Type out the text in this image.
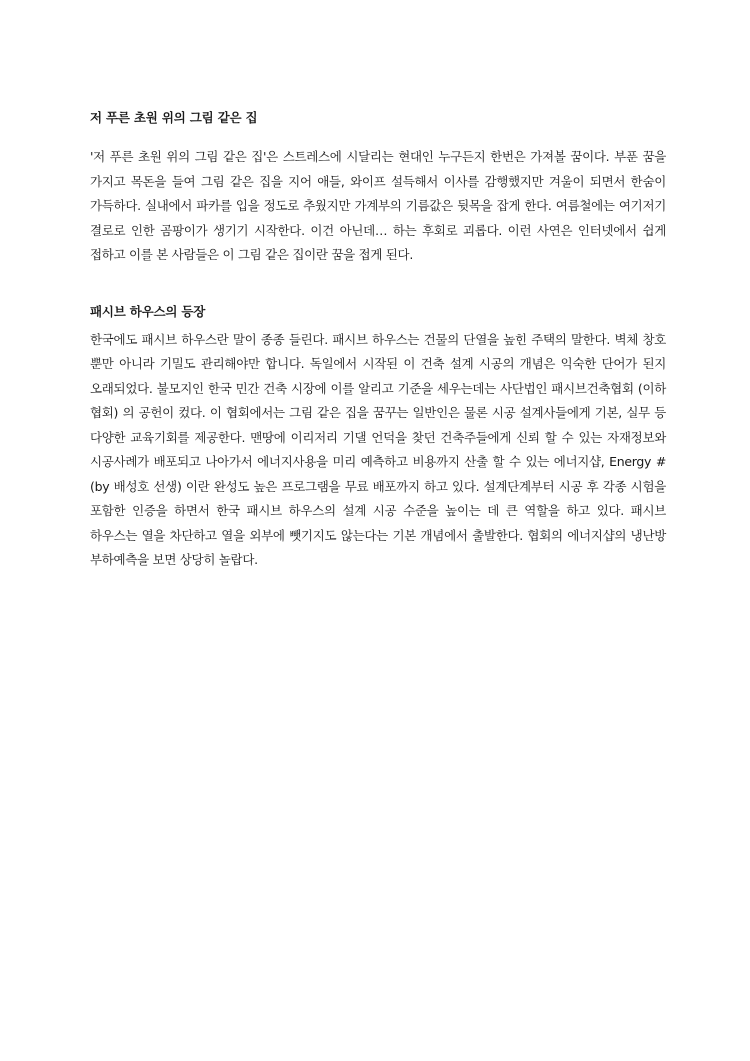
저 푸른 초원 위의 그림 같은 집

'저 푸른 초원 위의 그림 같은 집'은 스트레스에 시달리는 현대인 누구든지 한번은 가져볼 꿈이다. 부푼 꿈을 가지고 목돈을 들여 그림 같은 집을 지어 애들, 와이프 설득해서 이사를 감행했지만 겨울이 되면서 한숨이 가득하다. 실내에서 파카를 입을 정도로 추웠지만 가계부의 기름값은 뒷목을 잡게 한다. 여름철에는 여기저기 결로로 인한 곰팡이가 생기기 시작한다. 이건 아닌데… 하는 후회로 괴롭다. 이런 사연은 인터넷에서 쉽게 접하고 이를 본 사람들은 이 그림 같은 집이란 꿈을 접게 된다.

패시브 하우스의 등장

한국에도 패시브 하우스란 말이 종종 들린다. 패시브 하우스는 건물의 단열을 높힌 주택의 말한다. 벽체 창호 뿐만 아니라 기밀도 관리해야만 합니다. 독일에서 시작된 이 건축 설계 시공의 개념은 익숙한 단어가 된지 오래되었다. 불모지인 한국 민간 건축 시장에 이를 알리고 기준을 세우는데는 사단법인 패시브건축협회 (이하 협회) 의 공헌이 컸다. 이 협회에서는 그림 같은 집을 꿈꾸는 일반인은 물론 시공 설계사들에게 기본, 실무 등 다양한 교육기회를 제공한다. 맨땅에 이리저리 기댈 언덕을 찾던 건축주들에게 신뢰 할 수 있는 자재정보와 시공사례가 배포되고 나아가서 에너지사용을 미리 예측하고 비용까지 산출 할 수 있는 에너지샵, Energy # (by 배성호 선생) 이란 완성도 높은 프로그램을 무료 배포까지 하고 있다. 설계단계부터 시공 후 각종 시험을 포함한 인증을 하면서 한국 패시브 하우스의 설계 시공 수준을 높이는 데 큰 역할을 하고 있다. 패시브 하우스는 열을 차단하고 열을 외부에 뺏기지도 않는다는 기본 개념에서 출발한다. 협회의 에너지샵의 냉난방 부하예측을 보면 상당히 놀랍다.
